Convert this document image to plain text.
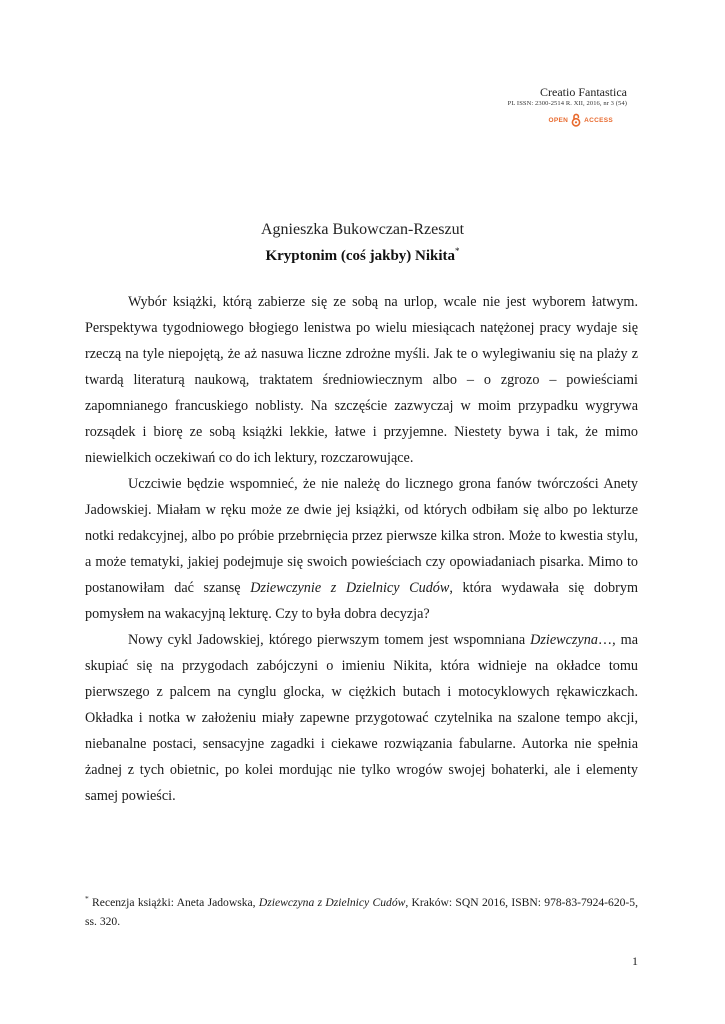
Creatio Fantastica
PL ISSN: 2300-2514 R. XII, 2016, nr 3 (54)
OPEN ACCESS
Agnieszka Bukowczan-Rzeszut
Kryptonim (coś jakby) Nikita*

Wybór książki, którą zabierze się ze sobą na urlop, wcale nie jest wyborem łatwym. Perspektywa tygodniowego błogiego lenistwa po wielu miesiącach natężonej pracy wydaje się rzeczą na tyle niepojętą, że aż nasuwa liczne zdrożne myśli. Jak te o wylegiwaniu się na plaży z twardą literaturą naukową, traktatem średniowiecznym albo – o zgrozo – powieściami zapomnianego francuskiego noblisty. Na szczęście zazwyczaj w moim przypadku wygrywa rozsądek i biorę ze sobą książki lekkie, łatwe i przyjemne. Niestety bywa i tak, że mimo niewielkich oczekiwań co do ich lektury, rozczarowujące.

Uczciwie będzie wspomnieć, że nie należę do licznego grona fanów twórczości Anety Jadowskiej. Miałam w ręku może ze dwie jej książki, od których odbiłam się albo po lekturze notki redakcyjnej, albo po próbie przebrnięcia przez pierwsze kilka stron. Może to kwestia stylu, a może tematyki, jakiej podejmuje się swoich powieściach czy opowiadaniach pisarka. Mimo to postanowiłam dać szansę Dziewczynie z Dzielnicy Cudów, która wydawała się dobrym pomysłem na wakacyjną lekturę. Czy to była dobra decyzja?

Nowy cykl Jadowskiej, którego pierwszym tomem jest wspomniana Dziewczyna…, ma skupiać się na przygodach zabójczyni o imieniu Nikita, która widnieje na okładce tomu pierwszego z palcem na cynglu glocka, w ciężkich butach i motocyklowych rękawiczkach. Okładka i notka w założeniu miały zapewne przygotować czytelnika na szalone tempo akcji, niebanalne postaci, sensacyjne zagadki i ciekawe rozwiązania fabularne. Autorka nie spełnia żadnej z tych obietnic, po kolei mordując nie tylko wrogów swojej bohaterki, ale i elementy samej powieści.

* Recenzja książki: Aneta Jadowska, Dziewczyna z Dzielnicy Cudów, Kraków: SQN 2016, ISBN: 978-83-7924-620-5, ss. 320.
1
